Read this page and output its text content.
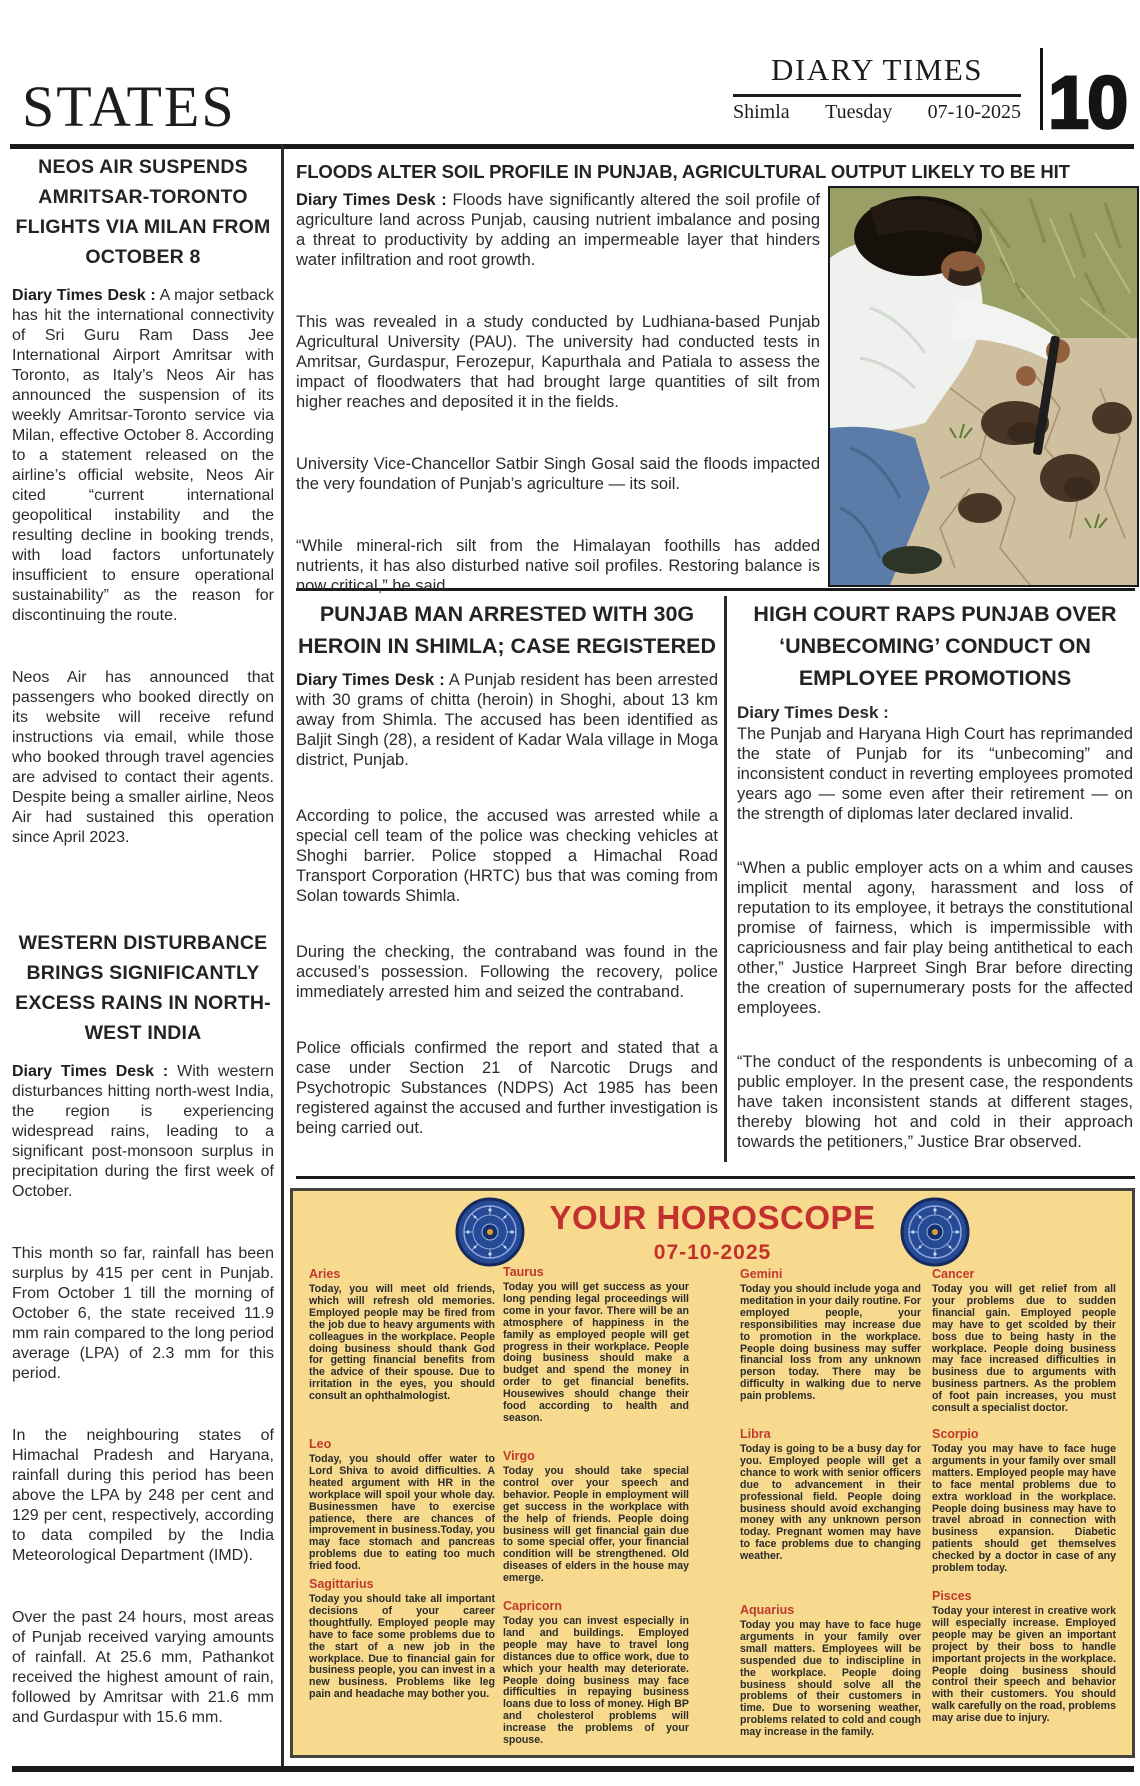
STATES
DIARY TIMES
Shimla Tuesday 07-10-2025 10
NEOS AIR SUSPENDS AMRITSAR-TORONTO FLIGHTS VIA MILAN FROM OCTOBER 8

Diary Times Desk : A major setback has hit the international connectivity of Sri Guru Ram Dass Jee International Airport Amritsar with Toronto, as Italy’s Neos Air has announced the suspension of its weekly Amritsar-Toronto service via Milan, effective October 8. According to a statement released on the airline’s official website, Neos Air cited “current international geopolitical instability and the resulting decline in booking trends, with load factors unfortunately insufficient to ensure operational sustainability” as the reason for discontinuing the route.

Neos Air has announced that passengers who booked directly on its website will receive refund instructions via email, while those who booked through travel agencies are advised to contact their agents. Despite being a smaller airline, Neos Air had sustained this operation since April 2023.

WESTERN DISTURBANCE BRINGS SIGNIFICANTLY EXCESS RAINS IN NORTH-WEST INDIA

Diary Times Desk : With western disturbances hitting north-west India, the region is experiencing widespread rains, leading to a significant post-monsoon surplus in precipitation during the first week of October.

This month so far, rainfall has been surplus by 415 per cent in Punjab. From October 1 till the morning of October 6, the state received 11.9 mm rain compared to the long period average (LPA) of 2.3 mm for this period.

In the neighbouring states of Himachal Pradesh and Haryana, rainfall during this period has been above the LPA by 248 per cent and 129 per cent, respectively, according to data compiled by the India Meteorological Department (IMD).

Over the past 24 hours, most areas of Punjab received varying amounts of rainfall. At 25.6 mm, Pathankot received the highest amount of rain, followed by Amritsar with 21.6 mm and Gurdaspur with 15.6 mm.

FLOODS ALTER SOIL PROFILE IN PUNJAB, AGRICULTURAL OUTPUT LIKELY TO BE HIT

Diary Times Desk : Floods have significantly altered the soil profile of agriculture land across Punjab, causing nutrient imbalance and posing a threat to productivity by adding an impermeable layer that hinders water infiltration and root growth.

This was revealed in a study conducted by Ludhiana-based Punjab Agricultural University (PAU). The university had conducted tests in Amritsar, Gurdaspur, Ferozepur, Kapurthala and Patiala to assess the impact of floodwaters that had brought large quantities of silt from higher reaches and deposited it in the fields.

University Vice-Chancellor Satbir Singh Gosal said the floods impacted the very foundation of Punjab’s agriculture — its soil.

“While mineral-rich silt from the Himalayan foothills has added nutrients, it has also disturbed native soil profiles. Restoring balance is now critical,” he said.

PUNJAB MAN ARRESTED WITH 30G HEROIN IN SHIMLA; CASE REGISTERED

Diary Times Desk : A Punjab resident has been arrested with 30 grams of chitta (heroin) in Shoghi, about 13 km away from Shimla. The accused has been identified as Baljit Singh (28), a resident of Kadar Wala village in Moga district, Punjab.

According to police, the accused was arrested while a special cell team of the police was checking vehicles at Shoghi barrier. Police stopped a Himachal Road Transport Corporation (HRTC) bus that was coming from Solan towards Shimla.

During the checking, the contraband was found in the accused’s possession. Following the recovery, police immediately arrested him and seized the contraband.

Police officials confirmed the report and stated that a case under Section 21 of Narcotic Drugs and Psychotropic Substances (NDPS) Act 1985 has been registered against the accused and further investigation is being carried out.

HIGH COURT RAPS PUNJAB OVER ‘UNBECOMING’ CONDUCT ON EMPLOYEE PROMOTIONS
Diary Times Desk :

The Punjab and Haryana High Court has reprimanded the state of Punjab for its “unbecoming” and inconsistent conduct in reverting employees promoted years ago — some even after their retirement — on the strength of diplomas later declared invalid.

“When a public employer acts on a whim and causes implicit mental agony, harassment and loss of reputation to its employee, it betrays the constitutional promise of fairness, which is impermissible with capriciousness and fair play being antithetical to each other,” Justice Harpreet Singh Brar before directing the creation of supernumerary posts for the affected employees.

“The conduct of the respondents is unbecoming of a public employer. In the present case, the respondents have taken inconsistent stands at different stages, thereby blowing hot and cold in their approach towards the petitioners,” Justice Brar observed.

YOUR HOROSCOPE
07-10-2025
Aries
Today, you will meet old friends, which will refresh old memories. Employed people may be fired from the job due to heavy arguments with colleagues in the workplace. People doing business should thank God for getting financial benefits from the advice of their spouse. Due to irritation in the eyes, you should consult an ophthalmologist.
Taurus
Today you will get success as your long pending legal proceedings will come in your favor. There will be an atmosphere of happiness in the family as employed people will get progress in their workplace. People doing business should make a budget and spend the money in order to get financial benefits. Housewives should change their food according to health and season.
Gemini
Today you should include yoga and meditation in your daily routine. For employed people, your responsibilities may increase due to promotion in the workplace. People doing business may suffer financial loss from any unknown person today. There may be difficulty in walking due to nerve pain problems.
Cancer
Today you will get relief from all your problems due to sudden financial gain. Employed people may have to get scolded by their boss due to being hasty in the workplace. People doing business may face increased difficulties in business due to arguments with business partners. As the problem of foot pain increases, you must consult a specialist doctor.
Leo
Today, you should offer water to Lord Shiva to avoid difficulties. A heated argument with HR in the workplace will spoil your whole day. Businessmen have to exercise patience, there are chances of improvement in business.Today, you may face stomach and pancreas problems due to eating too much fried food.
Virgo
Today you should take special control over your speech and behavior. People in employment will get success in the workplace with the help of friends. People doing business will get financial gain due to some special offer, your financial condition will be strengthened. Old diseases of elders in the house may emerge.
Libra
Today is going to be a busy day for you. Employed people will get a chance to work with senior officers due to advancement in their professional field. People doing business should avoid exchanging money with any unknown person today. Pregnant women may have to face problems due to changing weather.
Scorpio
Today you may have to face huge arguments in your family over small matters. Employed people may have to face mental problems due to extra workload in the workplace. People doing business may have to travel abroad in connection with business expansion. Diabetic patients should get themselves checked by a doctor in case of any problem today.
Sagittarius
Today you should take all important decisions of your career thoughtfully. Employed people may have to face some problems due to the start of a new job in the workplace. Due to financial gain for business people, you can invest in a new business. Problems like leg pain and headache may bother you.
Capricorn
Today you can invest especially in land and buildings. Employed people may have to travel long distances due to office work, due to which your health may deteriorate. People doing business may face difficulties in repaying business loans due to loss of money. High BP and cholesterol problems will increase the problems of your spouse.
Aquarius
Today you may have to face huge arguments in your family over small matters. Employees will be suspended due to indiscipline in the workplace. People doing business should solve all the problems of their customers in time. Due to worsening weather, problems related to cold and cough may increase in the family.
Pisces
Today your interest in creative work will especially increase. Employed people may be given an important project by their boss to handle important projects in the workplace. People doing business should control their speech and behavior with their customers. You should walk carefully on the road, problems may arise due to injury.
